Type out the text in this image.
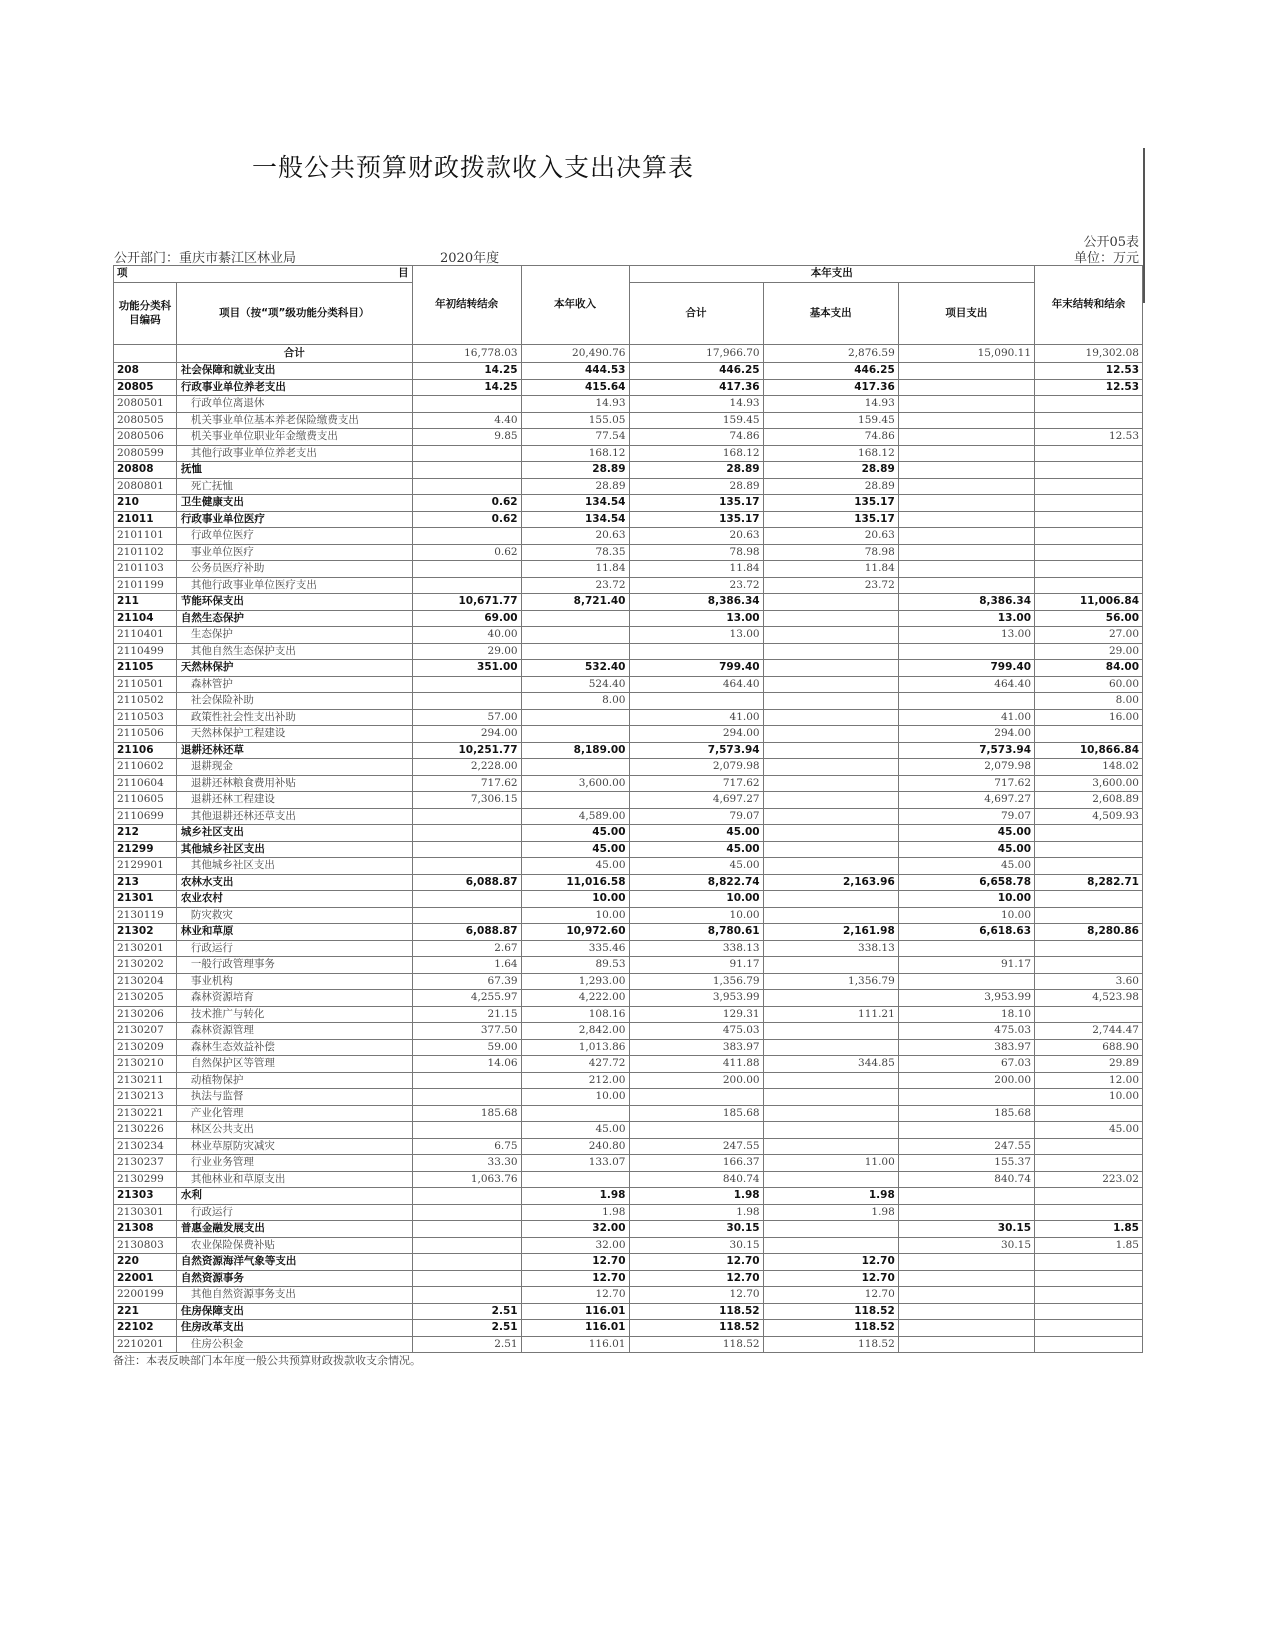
一般公共预算财政拨款收入支出决算表
公开05表
单位：万元
公开部门：重庆市綦江区林业局	2020年度
项 目		年初结转结余	本年收入	本年支出			年末结转和结余
功能分类科目编码	项目（按“项”级功能分类科目）			合计	基本支出	项目支出	
	合计	16,778.03	20,490.76	17,966.70	2,876.59	15,090.11	19,302.08
208	社会保障和就业支出	14.25	444.53	446.25	446.25		12.53
20805	行政事业单位养老支出	14.25	415.64	417.36	417.36		12.53
2080501	行政单位离退休		14.93	14.93	14.93		
2080505	机关事业单位基本养老保险缴费支出	4.40	155.05	159.45	159.45		
2080506	机关事业单位职业年金缴费支出	9.85	77.54	74.86	74.86		12.53
2080599	其他行政事业单位养老支出		168.12	168.12	168.12		
20808	抚恤		28.89	28.89	28.89		
2080801	死亡抚恤		28.89	28.89	28.89		
210	卫生健康支出	0.62	134.54	135.17	135.17		
21011	行政事业单位医疗	0.62	134.54	135.17	135.17		
2101101	行政单位医疗		20.63	20.63	20.63		
2101102	事业单位医疗	0.62	78.35	78.98	78.98		
2101103	公务员医疗补助		11.84	11.84	11.84		
2101199	其他行政事业单位医疗支出		23.72	23.72	23.72		
211	节能环保支出	10,671.77	8,721.40	8,386.34		8,386.34	11,006.84
21104	自然生态保护	69.00		13.00		13.00	56.00
2110401	生态保护	40.00		13.00		13.00	27.00
2110499	其他自然生态保护支出	29.00					29.00
21105	天然林保护	351.00	532.40	799.40		799.40	84.00
2110501	森林管护		524.40	464.40		464.40	60.00
2110502	社会保险补助		8.00				8.00
2110503	政策性社会性支出补助	57.00		41.00		41.00	16.00
2110506	天然林保护工程建设	294.00		294.00		294.00	
21106	退耕还林还草	10,251.77	8,189.00	7,573.94		7,573.94	10,866.84
2110602	退耕现金	2,228.00		2,079.98		2,079.98	148.02
2110604	退耕还林粮食费用补贴	717.62	3,600.00	717.62		717.62	3,600.00
2110605	退耕还林工程建设	7,306.15		4,697.27		4,697.27	2,608.89
2110699	其他退耕还林还草支出		4,589.00	79.07		79.07	4,509.93
212	城乡社区支出		45.00	45.00		45.00	
21299	其他城乡社区支出		45.00	45.00		45.00	
2129901	其他城乡社区支出		45.00	45.00		45.00	
213	农林水支出	6,088.87	11,016.58	8,822.74	2,163.96	6,658.78	8,282.71
21301	农业农村		10.00	10.00		10.00	
2130119	防灾救灾		10.00	10.00		10.00	
21302	林业和草原	6,088.87	10,972.60	8,780.61	2,161.98	6,618.63	8,280.86
2130201	行政运行	2.67	335.46	338.13	338.13		
2130202	一般行政管理事务	1.64	89.53	91.17		91.17	
2130204	事业机构	67.39	1,293.00	1,356.79	1,356.79		3.60
2130205	森林资源培育	4,255.97	4,222.00	3,953.99		3,953.99	4,523.98
2130206	技术推广与转化	21.15	108.16	129.31	111.21	18.10	
2130207	森林资源管理	377.50	2,842.00	475.03		475.03	2,744.47
2130209	森林生态效益补偿	59.00	1,013.86	383.97		383.97	688.90
2130210	自然保护区等管理	14.06	427.72	411.88	344.85	67.03	29.89
2130211	动植物保护		212.00	200.00		200.00	12.00
2130213	执法与监督		10.00				10.00
2130221	产业化管理	185.68		185.68		185.68	
2130226	林区公共支出		45.00				45.00
2130234	林业草原防灾减灾	6.75	240.80	247.55		247.55	
2130237	行业业务管理	33.30	133.07	166.37	11.00	155.37	
2130299	其他林业和草原支出	1,063.76		840.74		840.74	223.02
21303	水利		1.98	1.98	1.98		
2130301	行政运行		1.98	1.98	1.98		
21308	普惠金融发展支出		32.00	30.15		30.15	1.85
2130803	农业保险保费补贴		32.00	30.15		30.15	1.85
220	自然资源海洋气象等支出		12.70	12.70	12.70		
22001	自然资源事务		12.70	12.70	12.70		
2200199	其他自然资源事务支出		12.70	12.70	12.70		
221	住房保障支出	2.51	116.01	118.52	118.52		
22102	住房改革支出	2.51	116.01	118.52	118.52		
2210201	住房公积金	2.51	116.01	118.52	118.52		
备注：本表反映部门本年度一般公共预算财政拨款收支余情况。
